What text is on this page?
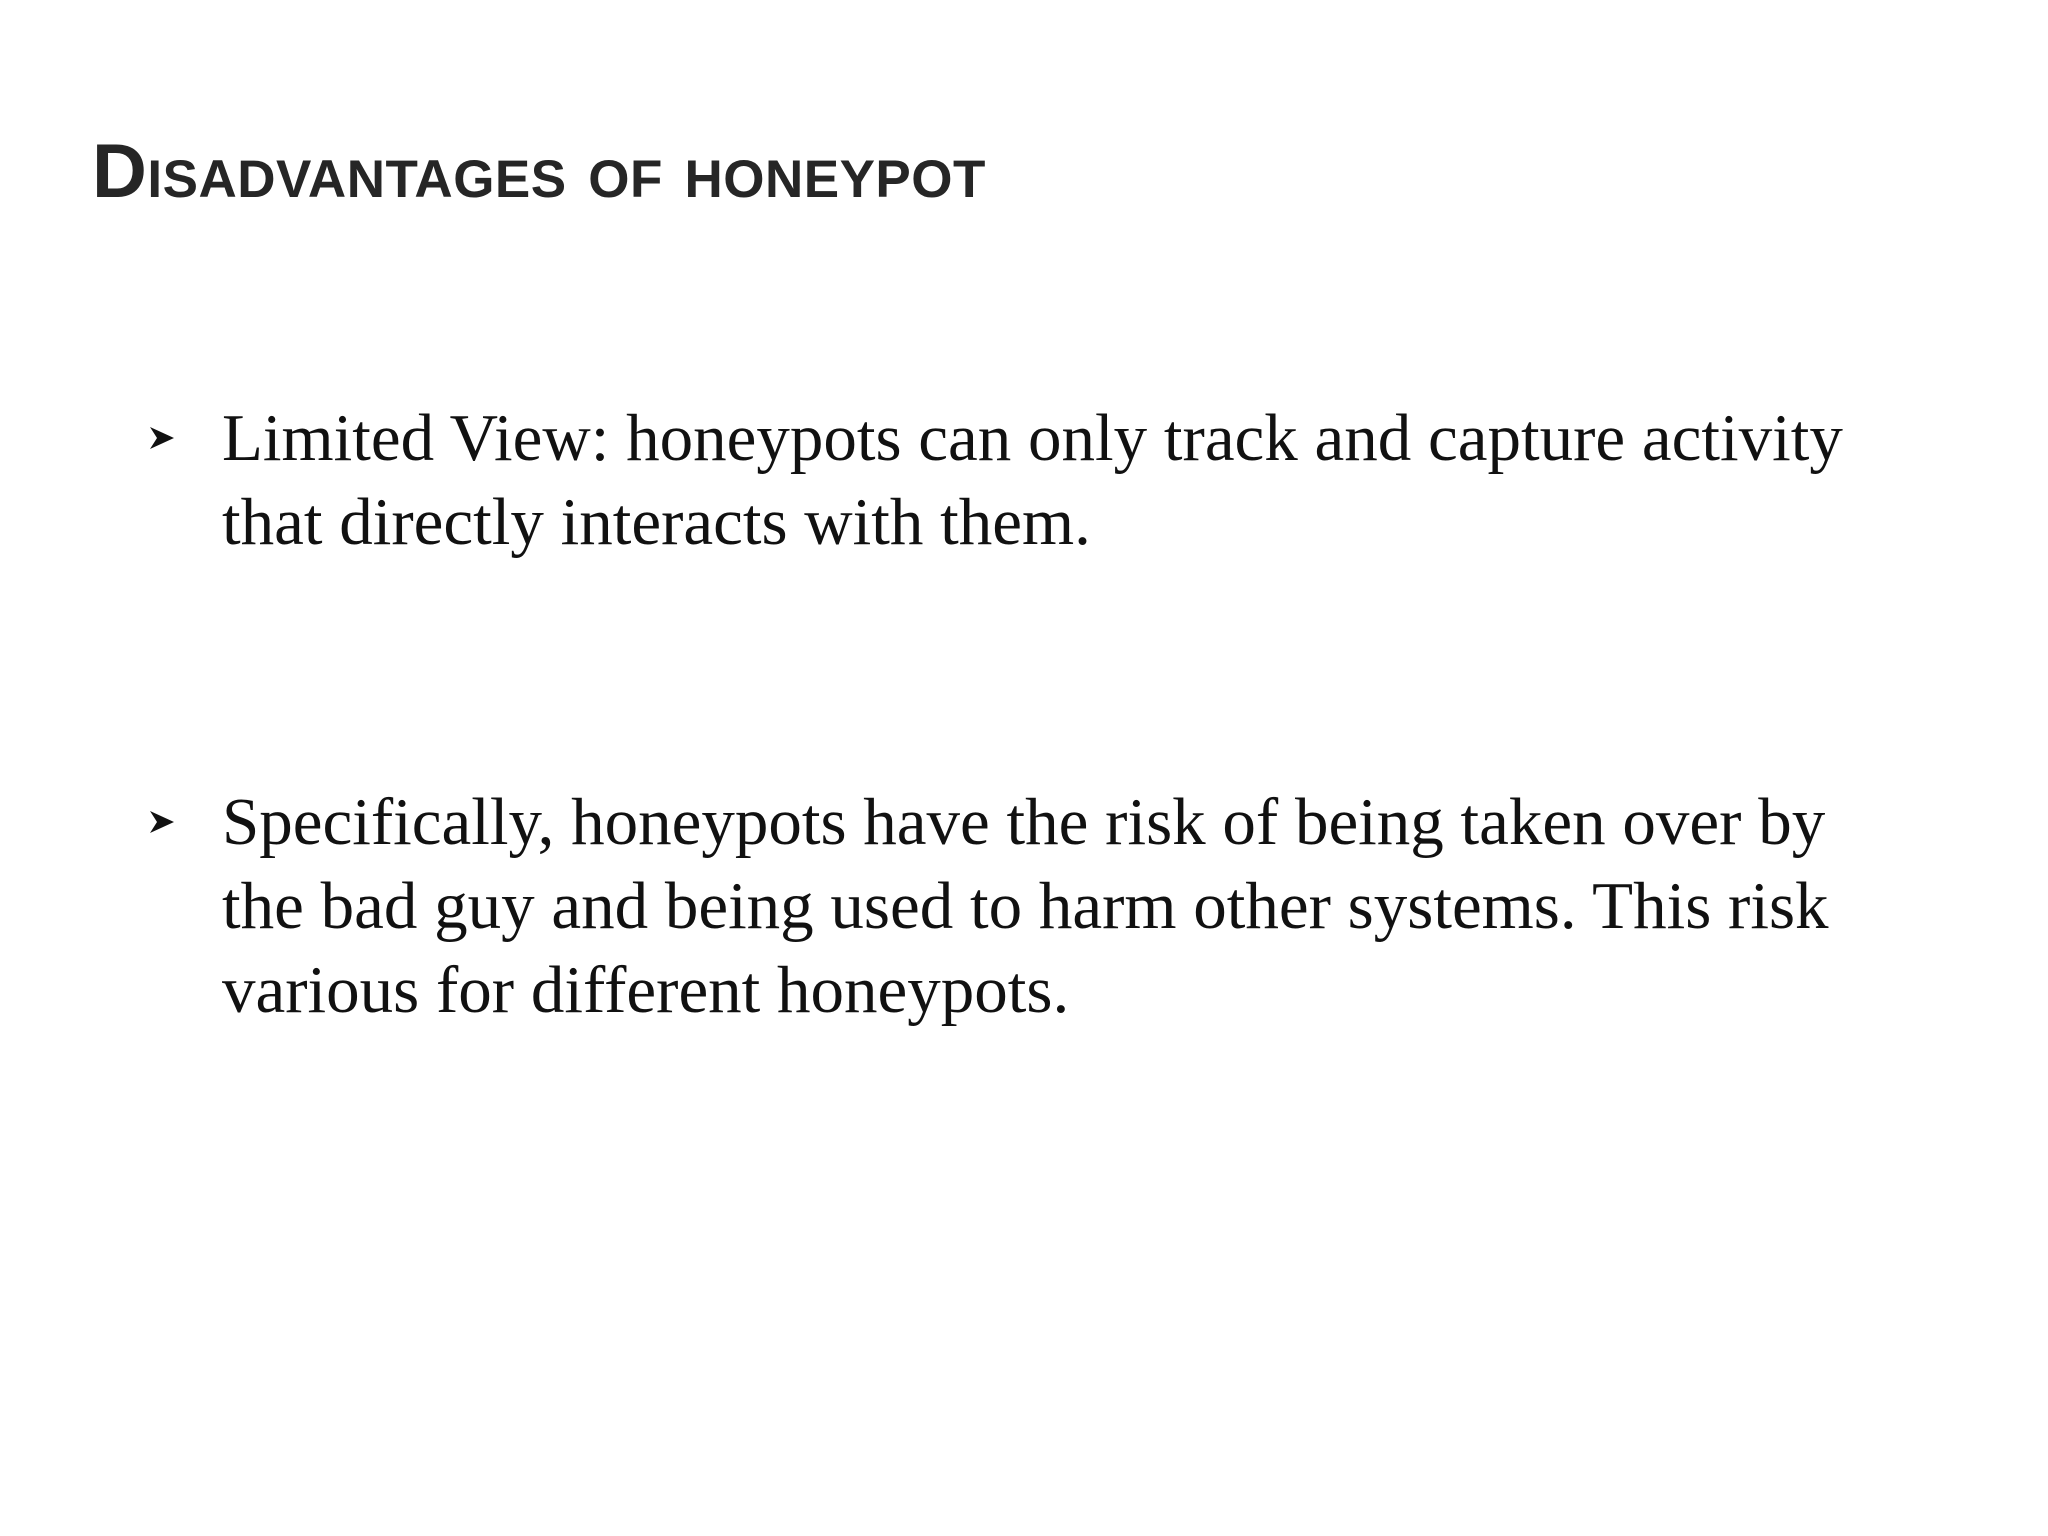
Disadvantages of honeypot
Limited View: honeypots can only track and capture activity that directly interacts with them.
Specifically, honeypots have the risk of being taken over by the bad guy and being used to harm other systems. This risk various for different honeypots.
